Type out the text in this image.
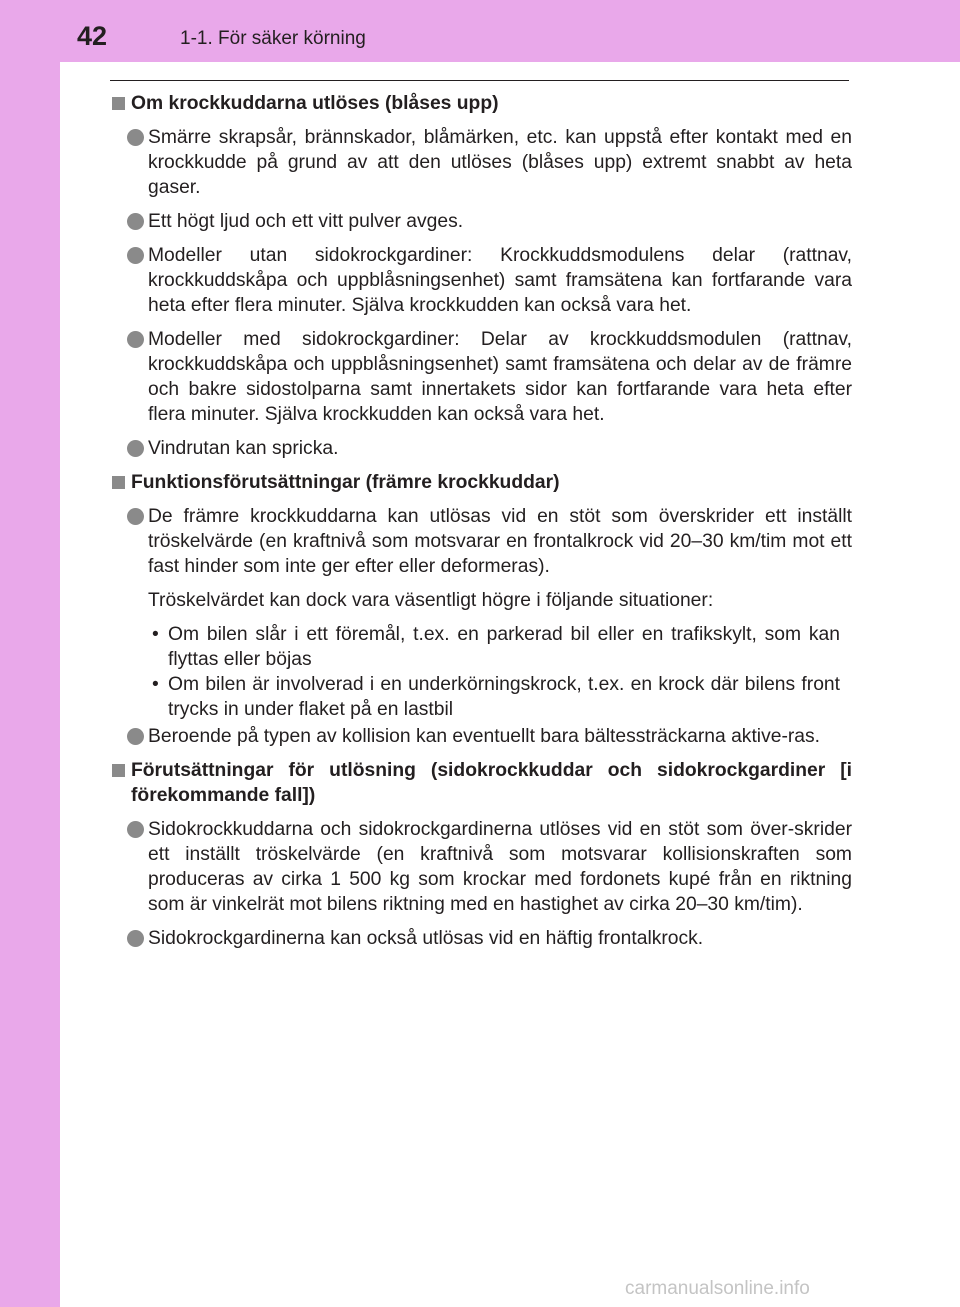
42	1-1. För säker körning
Om krockkuddarna utlöses (blåses upp)
Smärre skrapsår, brännskador, blåmärken, etc. kan uppstå efter kontakt med en krockkudde på grund av att den utlöses (blåses upp) extremt snabbt av heta gaser.
Ett högt ljud och ett vitt pulver avges.
Modeller utan sidokrockgardiner: Krockkuddsmodulens delar (rattnav, krockkuddskåpa och uppblåsningsenhet) samt framsätena kan fortfarande vara heta efter flera minuter. Själva krockkudden kan också vara het.
Modeller med sidokrockgardiner: Delar av krockkuddsmodulen (rattnav, krockkuddskåpa och uppblåsningsenhet) samt framsätena och delar av de främre och bakre sidostolparna samt innertakets sidor kan fortfarande vara heta efter flera minuter. Själva krockkudden kan också vara het.
Vindrutan kan spricka.
Funktionsförutsättningar (främre krockkuddar)
De främre krockkuddarna kan utlösas vid en stöt som överskrider ett inställt tröskelvärde (en kraftnivå som motsvarar en frontalkrock vid 20–30 km/tim mot ett fast hinder som inte ger efter eller deformeras).
Tröskelvärdet kan dock vara väsentligt högre i följande situationer:
• Om bilen slår i ett föremål, t.ex. en parkerad bil eller en trafikskylt, som kan flyttas eller böjas
• Om bilen är involverad i en underkörningskrock, t.ex. en krock där bilens front trycks in under flaket på en lastbil
Beroende på typen av kollision kan eventuellt bara bältessträckarna aktive-ras.
Förutsättningar för utlösning (sidokrockkuddar och sidokrockgardiner [i förekommande fall])
Sidokrockkuddarna och sidokrockgardinerna utlöses vid en stöt som över-skrider ett inställt tröskelvärde (en kraftnivå som motsvarar kollisionskraften som produceras av cirka 1 500 kg som krockar med fordonets kupé från en riktning som är vinkelrät mot bilens riktning med en hastighet av cirka 20–30 km/tim).
Sidokrockgardinerna kan också utlösas vid en häftig frontalkrock.
carmanualsonline.info
